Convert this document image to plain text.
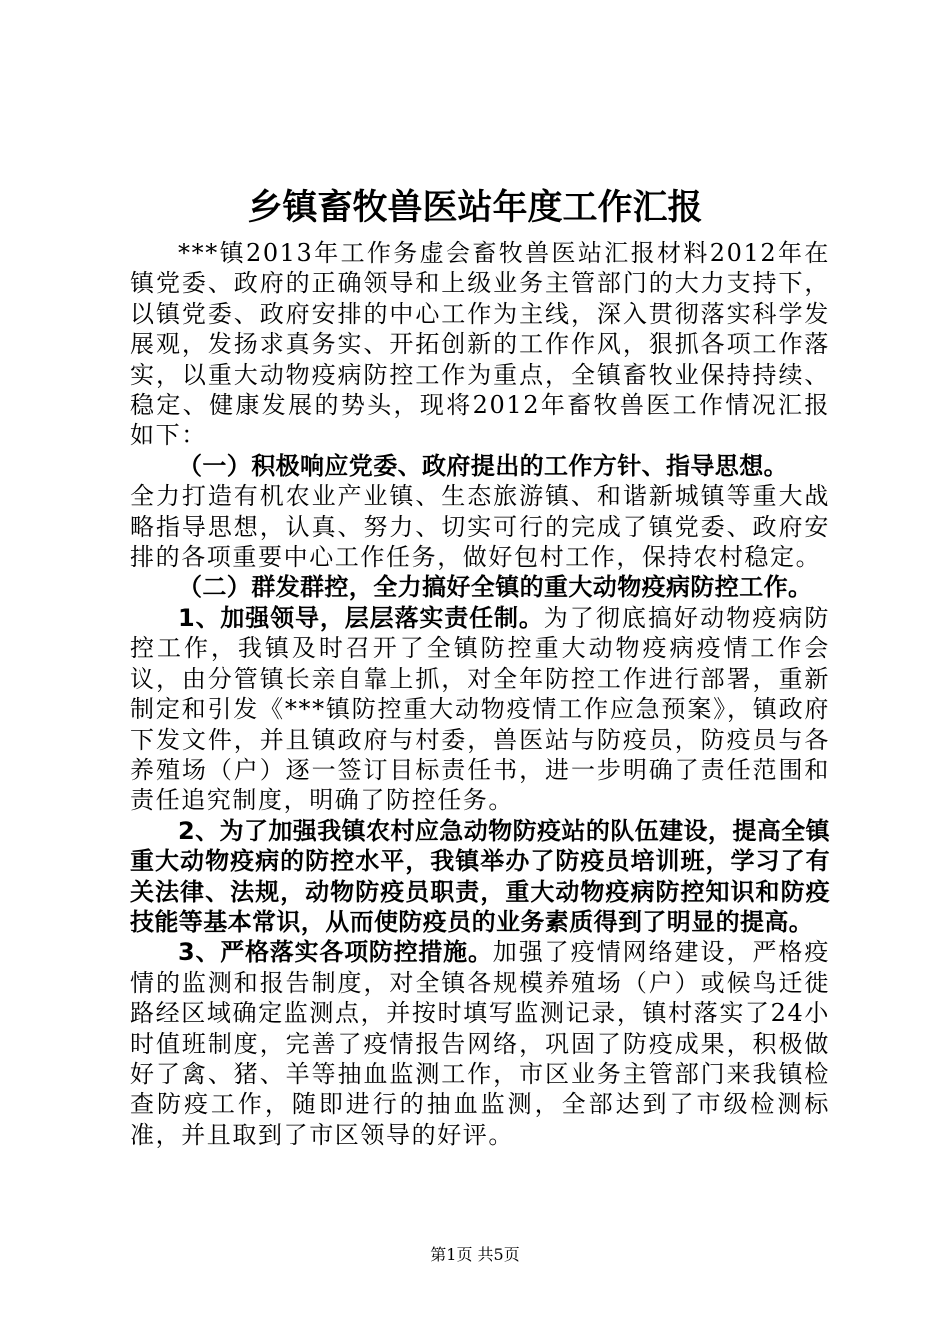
乡镇畜牧兽医站年度工作汇报

***镇2013年工作务虚会畜牧兽医站汇报材料2012年在镇党委、政府的正确领导和上级业务主管部门的大力支持下，以镇党委、政府安排的中心工作为主线，深入贯彻落实科学发展观，发扬求真务实、开拓创新的工作作风，狠抓各项工作落实，以重大动物疫病防控工作为重点，全镇畜牧业保持持续、稳定、健康发展的势头，现将2012年畜牧兽医工作情况汇报如下：

（一）积极响应党委、政府提出的工作方针、指导思想。

全力打造有机农业产业镇、生态旅游镇、和谐新城镇等重大战略指导思想，认真、努力、切实可行的完成了镇党委、政府安排的各项重要中心工作任务，做好包村工作，保持农村稳定。

（二）群发群控，全力搞好全镇的重大动物疫病防控工作。

1、加强领导，层层落实责任制。为了彻底搞好动物疫病防控工作，我镇及时召开了全镇防控重大动物疫病疫情工作会议，由分管镇长亲自靠上抓，对全年防控工作进行部署，重新制定和引发《***镇防控重大动物疫情工作应急预案》，镇政府下发文件，并且镇政府与村委，兽医站与防疫员，防疫员与各养殖场（户）逐一签订目标责任书，进一步明确了责任范围和责任追究制度，明确了防控任务。

2、为了加强我镇农村应急动物防疫站的队伍建设，提高全镇重大动物疫病的防控水平，我镇举办了防疫员培训班，学习了有关法律、法规，动物防疫员职责，重大动物疫病防控知识和防疫技能等基本常识，从而使防疫员的业务素质得到了明显的提高。

3、严格落实各项防控措施。加强了疫情网络建设，严格疫情的监测和报告制度，对全镇各规模养殖场（户）或候鸟迁徙路经区域确定监测点，并按时填写监测记录，镇村落实了24小时值班制度，完善了疫情报告网络，巩固了防疫成果，积极做好了禽、猪、羊等抽血监测工作，市区业务主管部门来我镇检查防疫工作，随即进行的抽血监测，全部达到了市级检测标准，并且取到了市区领导的好评。

第1页 共5页
